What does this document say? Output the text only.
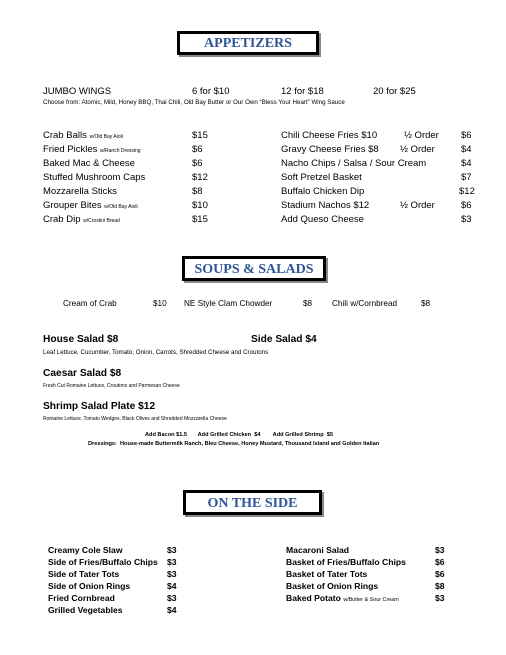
APPETIZERS
SOUPS & SALADS
ON THE SIDE
JUMBO WINGS	6 for $10	12 for $18	20 for $25
Choose from: Atomic, Mild, Honey BBQ, Thai Chili, Old Bay Butter or Our Own “Bless Your Heart” Wing Sauce
Crab Balls w/Old Bay Aioli	$15
Fried Pickles w/Ranch Dressing	$6
Baked Mac & Cheese	$6
Stuffed Mushroom Caps	$12
Mozzarella Sticks	$8
Grouper Bites w/Old Bay Aioli	$10
Crab Dip w/Crostini Bread	$15
Chili Cheese Fries $10	½ Order $6
Gravy Cheese Fries $8 ½ Order	$4
Nacho Chips / Salsa / Sour Cream	$4
Soft Pretzel Basket	$7
Buffalo Chicken Dip	$12
Stadium Nachos $12	½ Order	$6
Add Queso Cheese	$3
Cream of Crab	$10 NE Style Clam Chowder	$8 Chili w/Cornbread	$8
House Salad $8	Side Salad $4
Leaf Lettuce, Cucumber, Tomato, Onion, Carrots, Shredded Cheese and Croutons
Caesar Salad $8
Fresh Cut Romaine Lettuce, Croutons and Parmesan Cheese
Shrimp Salad Plate $12
Romaine Lettuce, Tomato Wedges, Black Olives and Shredded Mozzarella Cheese
Add Bacon $1.5       Add Grilled Chicken  $4        Add Grilled Shrimp  $5
Dressings:  House-made Buttermilk Ranch, Bleu Cheese, Honey Mustard, Thousand Island and Golden Italian
Creamy Cole Slaw	$3
Side of Fries/Buffalo Chips $3
Side of Tater Tots	$3
Side of Onion Rings	$4
Fried Cornbread	$3
Grilled Vegetables	$4
Macaroni Salad	$3
Basket of Fries/Buffalo Chips	$6
Basket of Tater Tots	$6
Basket of Onion Rings	$8
Baked Potato w/Butter & Sour Cream	$3
